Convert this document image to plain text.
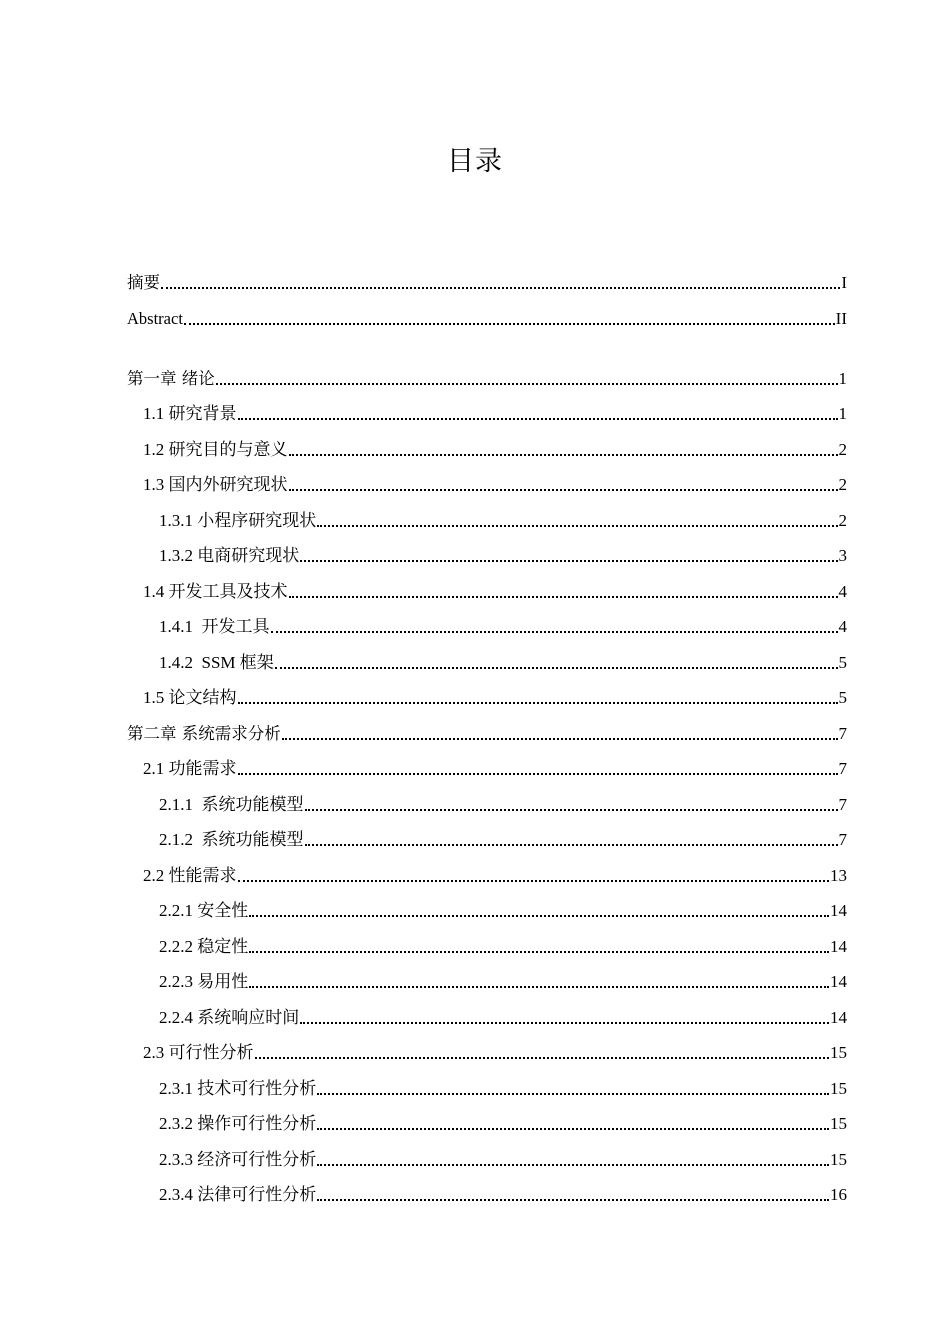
目录
摘要	I
Abstract	II
第一章 绪论	1
1.1 研究背景	1
1.2 研究目的与意义	2
1.3 国内外研究现状	2
1.3.1 小程序研究现状	2
1.3.2 电商研究现状	3
1.4 开发工具及技术	4
1.4.1  开发工具	4
1.4.2  SSM 框架	5
1.5 论文结构	5
第二章 系统需求分析	7
2.1 功能需求	7
2.1.1  系统功能模型	7
2.1.2  系统功能模型	7
2.2 性能需求	13
2.2.1 安全性	14
2.2.2 稳定性	14
2.2.3 易用性	14
2.2.4 系统响应时间	14
2.3 可行性分析	15
2.3.1 技术可行性分析	15
2.3.2 操作可行性分析	15
2.3.3 经济可行性分析	15
2.3.4 法律可行性分析	16
